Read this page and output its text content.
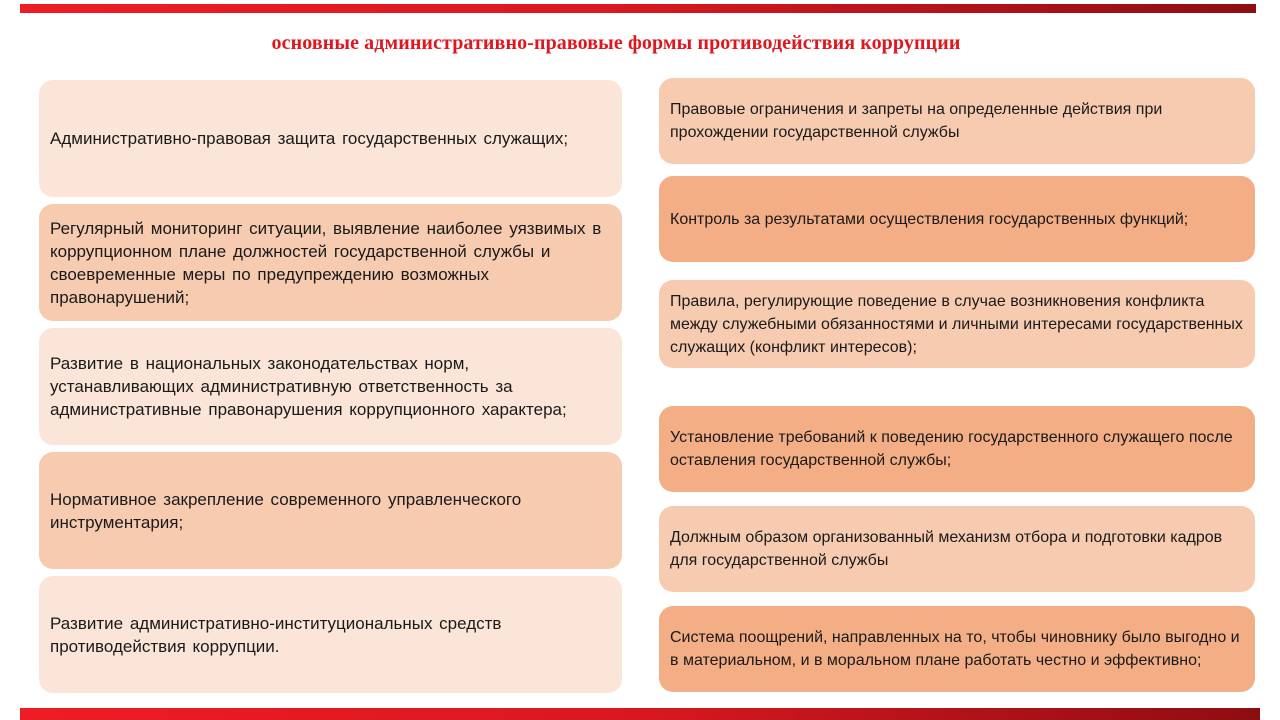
основные административно-правовые формы противодействия коррупции
Административно-правовая защита государственных служащих;
Регулярный мониторинг ситуации, выявление наиболее уязвимых в коррупционном плане должностей государственной службы и своевременные меры по предупреждению возможных правонарушений;
Развитие в национальных законодательствах норм, устанавливающих административную ответственность за административные правонарушения коррупционного характера;
Нормативное закрепление современного управленческого инструментария;
Развитие административно-институциональных средств противодействия коррупции.
Правовые ограничения и запреты на определенные действия при прохождении государственной службы
Контроль за результатами осуществления государственных функций;
Правила, регулирующие поведение в случае возникновения конфликта между служебными обязанностями и личными интересами государственных служащих (конфликт интересов);
Установление требований к поведению государственного служащего после оставления государственной службы;
Должным образом организованный механизм отбора и подготовки кадров для государственной службы
Система поощрений, направленных на то, чтобы чиновнику было выгодно и в материальном, и в моральном плане работать честно и эффективно;
